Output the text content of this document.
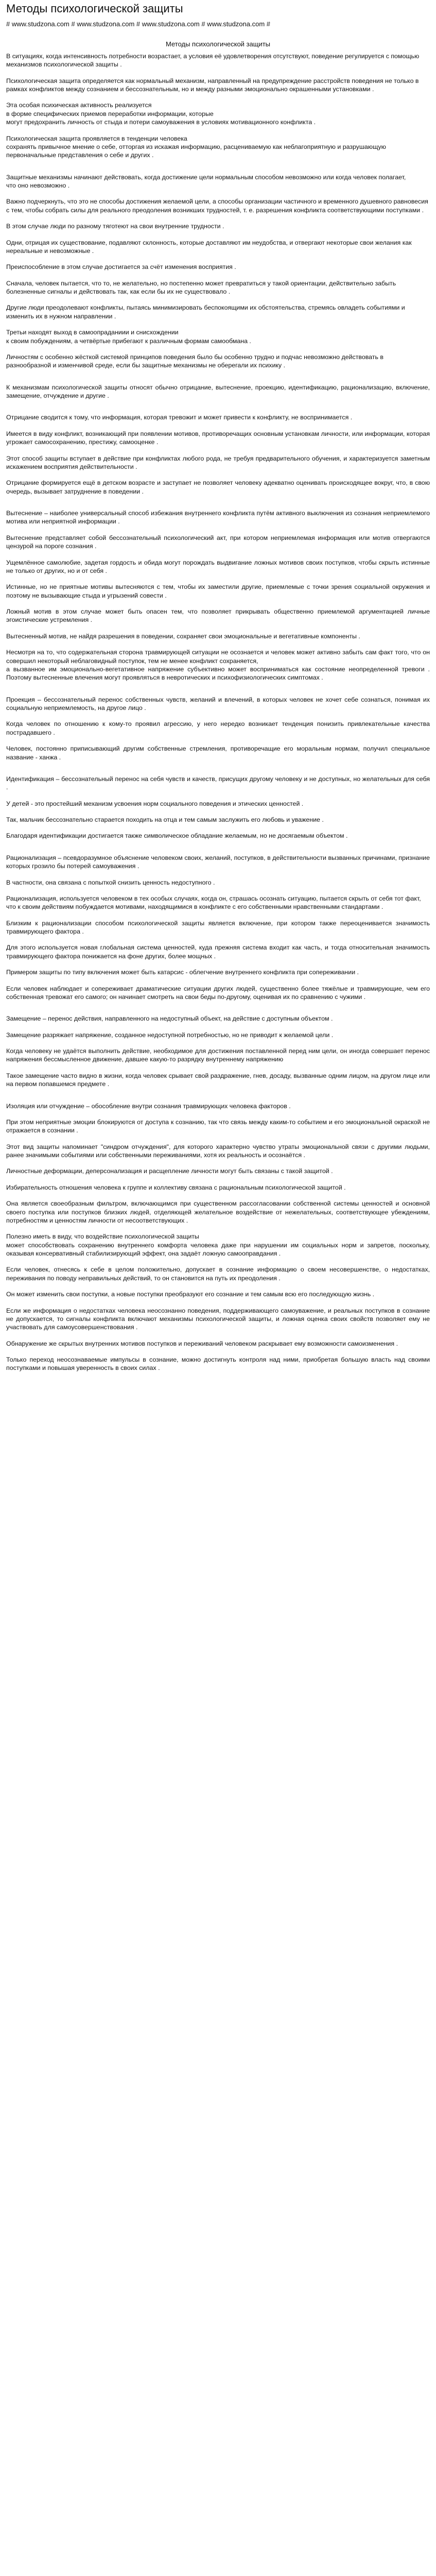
Методы психологической защиты
# www.studzona.com # www.studzona.com # www.studzona.com # www.studzona.com #
Методы психологической защиты

В ситуациях, когда интенсивность потребности возрастает, а условия её удовлетворения отсутствуют, поведение регулируется с помощью механизмов психологической защиты .

Психологическая защита определяется как нормальный механизм, направленный на предупреждение расстройств поведения не только в рамках конфликтов между сознанием и бессознательным, но и между разными эмоционально окрашенными установками .

Эта особая психическая активность реализуется
в форме специфических приемов переработки информации, которые
могут предохранить личность от стыда и потери самоуважения в условиях мотивационного конфликта .

Психологическая защита проявляется в тенденции человека
сохранять привычное мнение о себе, отторгая из искажая информацию, расцениваемую как неблагоприятную и разрушающую первоначальные представления о себе и других .

Защитные механизмы начинают действовать, когда достижение цели нормальным способом невозможно или когда человек полагает,
что оно невозможно .

Важно подчеркнуть, что это не способы достижения желаемой цели, а способы организации частичного и временного душевного равновесия с тем, чтобы собрать силы для реального преодоления возникших трудностей, т. е. разрешения конфликта соответствующими поступками .

В этом случае люди по разному тяготеют на свои внутренние трудности .

Одни, отрицая их существование, подавляют склонность, которые доставляют им неудобства, и отвергают некоторые свои желания как нереальные и невозможные .

Преиспособление в этом случае достигается за счёт изменения восприятия .

Сначала, человек пытается, что то, не желательно, но постепенно может превратиться у такой ориентации, действительно забыть болезненные сигналы и действовать так, как если бы их не существовало .

Другие люди преодолевают конфликты, пытаясь минимизировать беспокоящими их обстоятельства, стремясь овладеть событиями и изменить их в нужном направлении .

Третьи находят выход в самоопраданиии и снисхождении
к своим побуждениям, а четвёртые прибегают к различным формам самообмана .

Личностям с особенно жёсткой системой принципов поведения было бы особенно трудно и подчас невозможно действовать в разнообразной и изменчивой среде, если бы защитные механизмы не оберегали их психику .

К механизмам психологической защиты относят обычно отрицание, вытеснение, проекцию, идентификацию, рационализацию, включение, замещение, отчуждение и другие .

Отрицание сводится к тому, что информация, которая тревожит и может привести к конфликту, не воспринимается .

Имеется в виду конфликт, возникающий при появлении мотивов, противоречащих основным установкам личности, или информации, которая угрожает самосохранению, престижу, самооценке .

Этот способ защиты вступает в действие при конфликтах любого рода, не требуя предварительного обучения, и характеризуется заметным искажением восприятия действительности .

Отрицание формируется ещё в детском возрасте и заступает не позволяет человеку адекватно оценивать происходящее вокруг, что, в свою очередь, вызывает затруднение в поведении .

Вытеснение – наиболее универсальный способ избежания внутреннего конфликта путём активного выключения из сознания неприемлемого мотива или неприятной информации .

Вытеснение представляет собой бессознательный психологический акт, при котором неприемлемая информация или мотив отвергаются цензурой на пороге сознания .

Ущемлённое самолюбие, задетая гордость и обида могут порождать выдвигание ложных мотивов своих поступков, чтобы скрыть истинные не только от других, но и от себя .

Истинные, но не приятные мотивы вытесняются с тем, чтобы их заместили другие, приемлемые с точки зрения социальной окружения и поэтому не вызывающие стыда и угрызений совести .

Ложный мотив в этом случае может быть опасен тем, что позволяет прикрывать общественно приемлемой аргументацией личные эгоистические устремления .

Вытесненный мотив, не найдя разрешения в поведении, сохраняет свои эмоциональные и вегетативные компоненты .

Несмотря на то, что содержательная сторона травмирующей ситуации не осознается и человек может активно забыть сам факт того, что он совершил некоторый неблаговидный поступок, тем не менее конфликт сохраняется,
а вызванное им эмоционально-вегетативное напряжение субъективно может восприниматься как состояние неопределенной тревоги . Поэтому вытесненные влечения могут проявляться в невротических и психофизиологических симптомах .

Проекция – бессознательный перенос собственных чувств, желаний и влечений, в которых человек не хочет себе сознаться, понимая их социальную неприемлемость, на другое лицо .

Когда человек по отношению к кому-то проявил агрессию, у него нередко возникает тенденция понизить привлекательные качества пострадавшего .

Человек, постоянно приписывающий другим собственные стремления, противоречащие его моральным нормам, получил специальное название - ханжа .

Идентификация – бессознательный перенос на себя чувств и качеств, присущих другому человеку и не доступных, но желательных для себя .

У детей - это простейший механизм усвоения норм социального поведения и этических ценностей .

Так, мальчик бессознательно старается походить на отца и тем самым заслужить его любовь и уважение .

Благодаря идентификации достигается также символическое обладание желаемым, но не досягаемым объектом .

Рационализация – псевдоразумное объяснение человеком своих, желаний, поступков, в действительности вызванных причинами, признание которых грозило бы потерей самоуважения .

В частности, она связана с попыткой снизить ценность недоступного .

Рационализация, используется человеком в тех особых случаях, когда он, страшась осознать ситуацию, пытается скрыть от себя тот факт,
что к своим действиям побуждается мотивами, находящимися в конфликте с его собственными нравственными стандартами .

Близким к рационализации способом психологической защиты является включение, при котором также переоценивается значимость травмирующего фактора .

Для этого используется новая глобальная система ценностей, куда прежняя система входит как часть, и тогда относительная значимость травмирующего фактора понижается на фоне других, более мощных .

Примером защиты по типу включения может быть катарсис - облегчение внутреннего конфликта при сопереживании .

Если человек наблюдает и сопереживает драматические ситуации других людей, существенно более тяжёлые и травмирующие, чем его собственная тревожат его самого; он начинает смотреть на свои беды по-другому, оценивая их по сравнению с чужими .

Замещение – перенос действия, направленного на недоступный объект, на действие с доступным объектом .

Замещение разряжает напряжение, созданное недоступной потребностью, но не приводит к желаемой цели .

Когда человеку не удаётся выполнить действие, необходимое для достижения поставленной перед ним цели, он иногда совершает перенос напряжения бессмысленное движение, давшее какую-то разрядку внутреннему напряжению

Такое замещение часто видно в жизни, когда человек срывает свой раздражение, гнев, досаду, вызванные одним лицом, на другом лице или на первом попавшемся предмете .

Изоляция или отчуждение – обособление внутри сознания травмирующих человека факторов .

При этом неприятные эмоции блокируются от доступа к сознанию, так что связь между каким-то событием и его эмоциональной окраской не отражается в сознании .

Этот вид защиты напоминает "синдром отчуждения", для которого характерно чувство утраты эмоциональной связи с другими людьми, ранее значимыми событиями или собственными переживаниями, хотя их реальность и осознаётся .

Личностные деформации, деперсонализация и расщепление личности могут быть связаны с такой защитой .

Избирательность отношения человека к группе и коллективу связана с рациональным психологической защитой .

Она является своеобразным фильтром, включающимся при существенном рассогласовании собственной системы ценностей и основной своего поступка или поступков близких людей, отделяющей желательное воздействие от нежелательных, соответствующее убеждениям, потребностям и ценностям личности от несоответствующих .

Полезно иметь в виду, что воздействие психологической защиты
может способствовать сохранению внутреннего комфорта человека даже при нарушении им социальных норм и запретов, поскольку, оказывая консервативный стабилизирующий эффект, она задаёт ложную самооправдания .

Если человек, отнесясь к себе в целом положительно, допускает в сознание информацию о своем несовершенстве, о недостатках, переживания по поводу неправильных действий, то он становится на путь их преодоления .

Он может изменить свои поступки, а новые поступки преобразуют его сознание и тем самым всю его последующую жизнь .

Если же информация о недостатках человека неосознанно поведения, поддерживающего самоуважение, и реальных поступков в сознание не допускается, то сигналы конфликта включают механизмы психологической защиты, и ложная оценка своих свойств позволяет ему не участвовать для самоусовершенствования .

Обнаружение же скрытых внутренних мотивов поступков и переживаний человеком раскрывает ему возможности самоизменения .

Только переход неосознаваемые импульсы в сознание, можно достигнуть контроля над ними, приобретая большую власть над своими поступками и повышая уверенность в своих силах .
